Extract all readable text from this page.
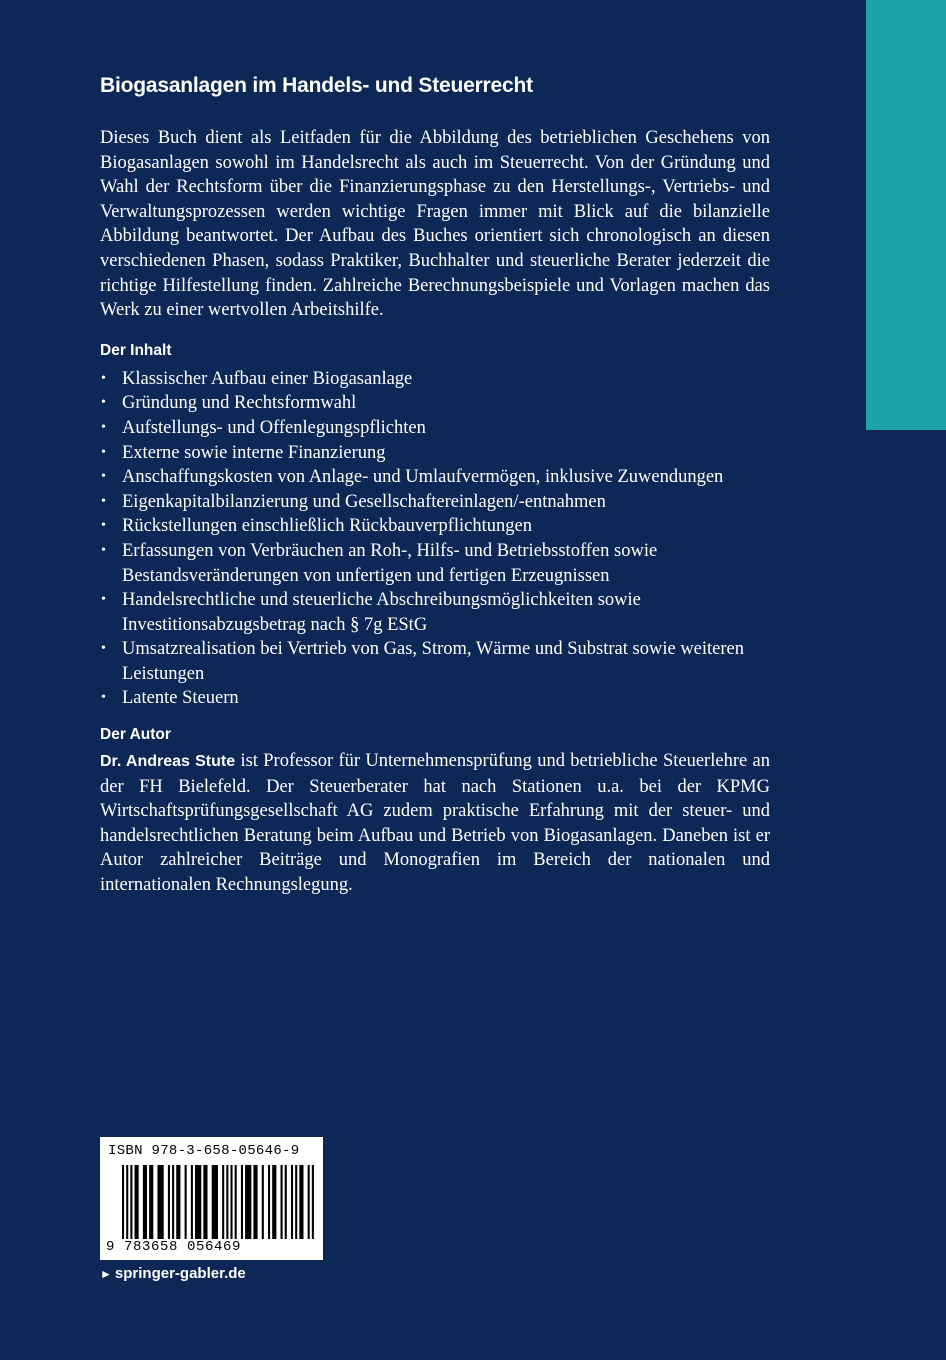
Biogasanlagen im Handels- und Steuerrecht

Dieses Buch dient als Leitfaden für die Abbildung des betrieblichen Geschehens von Biogasanlagen sowohl im Handelsrecht als auch im Steuerrecht. Von der Gründung und Wahl der Rechtsform über die Finanzierungsphase zu den Herstellungs-, Vertriebs- und Verwaltungsprozessen werden wichtige Fragen immer mit Blick auf die bilanzielle Abbildung beantwortet. Der Aufbau des Buches orientiert sich chronologisch an diesen verschiedenen Phasen, sodass Praktiker, Buchhalter und steuerliche Berater jederzeit die richtige Hilfestellung finden. Zahlreiche Berechnungsbeispiele und Vorlagen machen das Werk zu einer wertvollen Arbeitshilfe.

Der Inhalt
• Klassischer Aufbau einer Biogasanlage
• Gründung und Rechtsformwahl
• Aufstellungs- und Offenlegungspflichten
• Externe sowie interne Finanzierung
• Anschaffungskosten von Anlage- und Umlaufvermögen, inklusive Zuwendungen
• Eigenkapitalbilanzierung und Gesellschaftereinlagen/-entnahmen
• Rückstellungen einschließlich Rückbauverpflichtungen
• Erfassungen von Verbräuchen an Roh-, Hilfs- und Betriebsstoffen sowie Bestandsveränderungen von unfertigen und fertigen Erzeugnissen
• Handelsrechtliche und steuerliche Abschreibungsmöglichkeiten sowie Investitionsabzugsbetrag nach § 7g EStG
• Umsatzrealisation bei Vertrieb von Gas, Strom, Wärme und Substrat sowie weiteren Leistungen
• Latente Steuern
Der Autor

Dr. Andreas Stute ist Professor für Unternehmensprüfung und betriebliche Steuerlehre an der FH Bielefeld. Der Steuerberater hat nach Stationen u.a. bei der KPMG Wirtschaftsprüfungsgesellschaft AG zudem praktische Erfahrung mit der steuer- und handelsrechtlichen Beratung beim Aufbau und Betrieb von Biogasanlagen. Daneben ist er Autor zahlreicher Beiträge und Monografien im Bereich der nationalen und internationalen Rechnungslegung.

ISBN 978-3-658-05646-9
9 783658 056469
► springer-gabler.de
